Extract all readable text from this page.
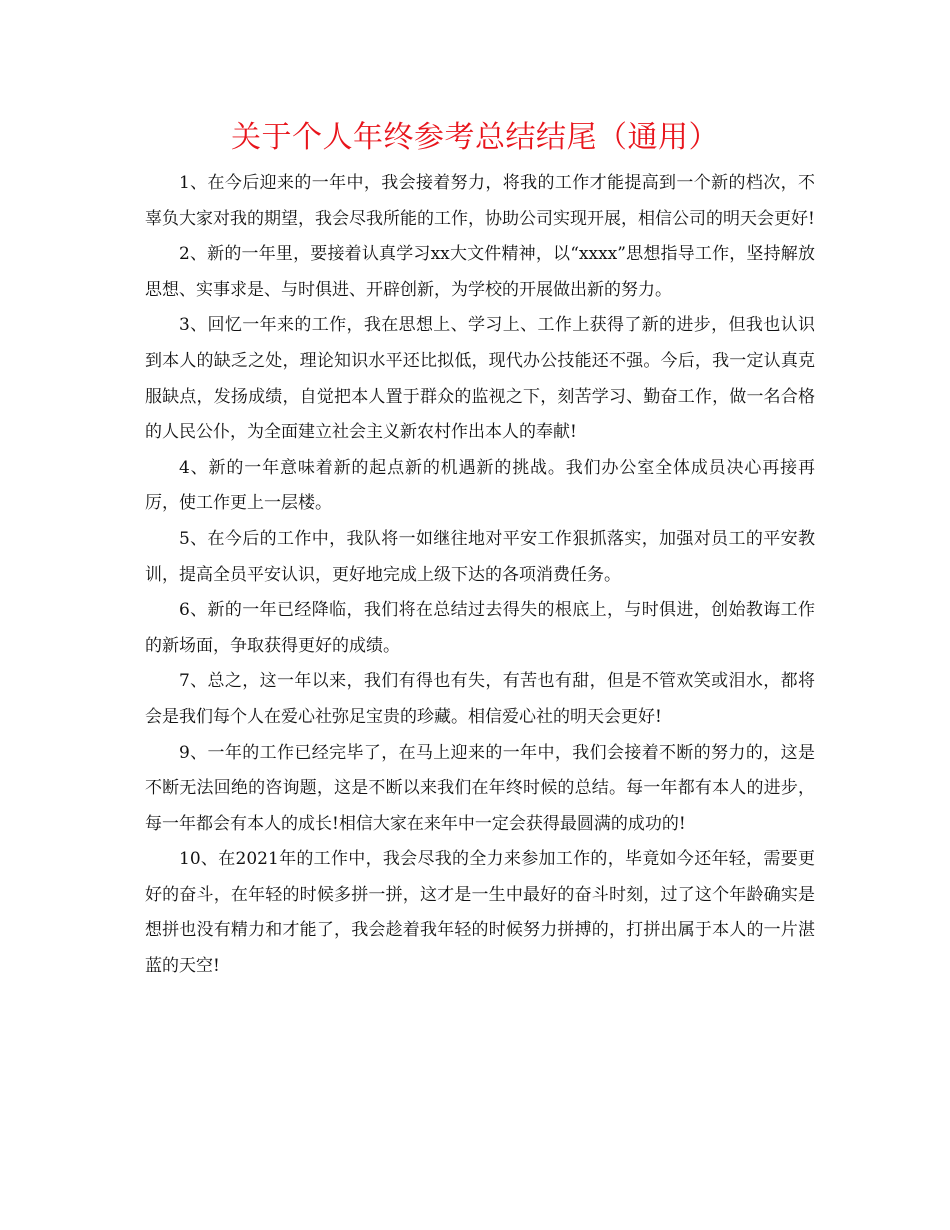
关于个人年终参考总结结尾（通用）

1、在今后迎来的一年中，我会接着努力，将我的工作才能提高到一个新的档次，不辜负大家对我的期望，我会尽我所能的工作，协助公司实现开展，相信公司的明天会更好!

2、新的一年里，要接着认真学习xx大文件精神，以“xxxx”思想指导工作，坚持解放思想、实事求是、与时俱进、开辟创新，为学校的开展做出新的努力。

3、回忆一年来的工作，我在思想上、学习上、工作上获得了新的进步，但我也认识到本人的缺乏之处，理论知识水平还比拟低，现代办公技能还不强。今后，我一定认真克服缺点，发扬成绩，自觉把本人置于群众的监视之下，刻苦学习、勤奋工作，做一名合格的人民公仆，为全面建立社会主义新农村作出本人的奉献!

4、新的一年意味着新的起点新的机遇新的挑战。我们办公室全体成员决心再接再厉，使工作更上一层楼。

5、在今后的工作中，我队将一如继往地对平安工作狠抓落实，加强对员工的平安教训，提高全员平安认识，更好地完成上级下达的各项消费任务。

6、新的一年已经降临，我们将在总结过去得失的根底上，与时俱进，创始教诲工作的新场面，争取获得更好的成绩。

7、总之，这一年以来，我们有得也有失，有苦也有甜，但是不管欢笑或泪水，都将会是我们每个人在爱心社弥足宝贵的珍藏。相信爱心社的明天会更好!

9、一年的工作已经完毕了，在马上迎来的一年中，我们会接着不断的努力的，这是不断无法回绝的咨询题，这是不断以来我们在年终时候的总结。每一年都有本人的进步，每一年都会有本人的成长!相信大家在来年中一定会获得最圆满的成功的!

10、在2021年的工作中，我会尽我的全力来参加工作的，毕竟如今还年轻，需要更好的奋斗，在年轻的时候多拼一拼，这才是一生中最好的奋斗时刻，过了这个年龄确实是想拼也没有精力和才能了，我会趁着我年轻的时候努力拼搏的，打拼出属于本人的一片湛蓝的天空!
